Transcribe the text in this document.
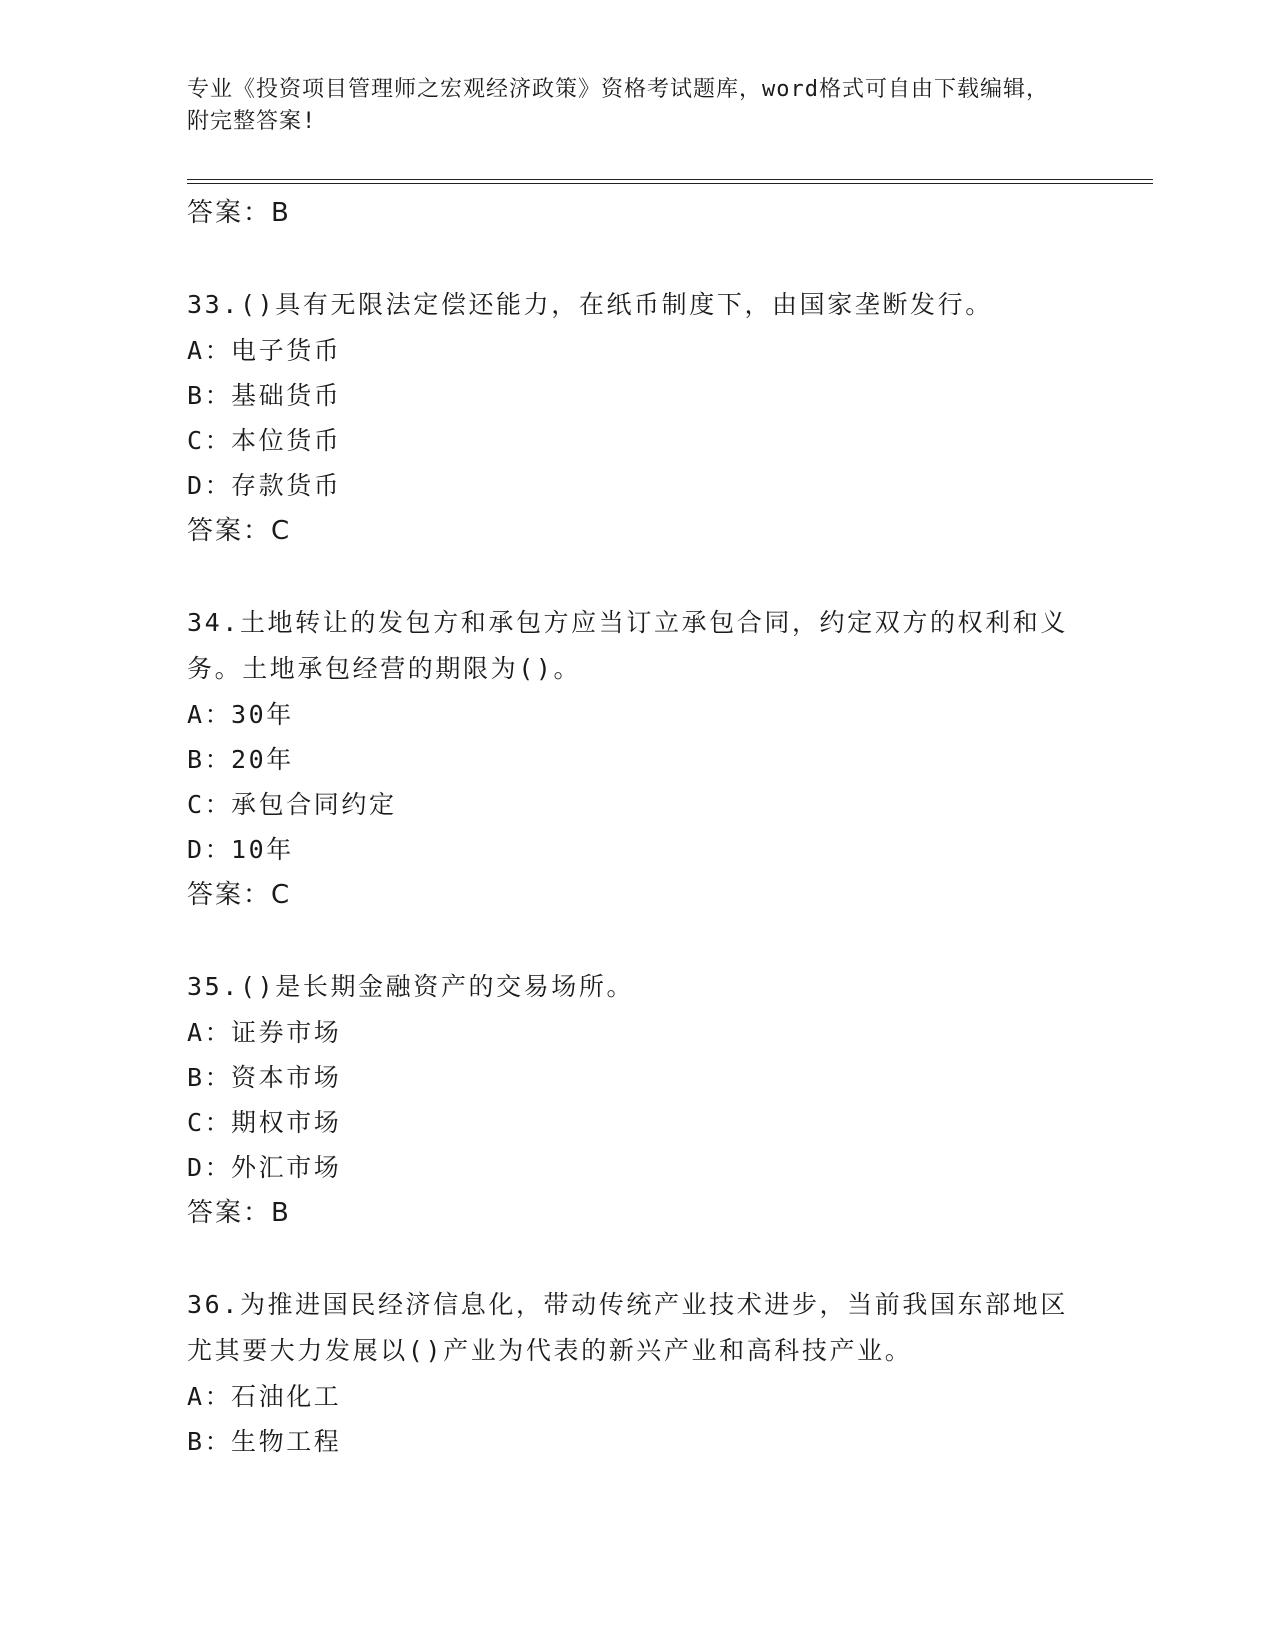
专业《投资项目管理师之宏观经济政策》资格考试题库，word格式可自由下载编辑，附完整答案!
答案：B
33.()具有无限法定偿还能力，在纸币制度下，由国家垄断发行。
A：电子货币
B：基础货币
C：本位货币
D：存款货币
答案：C
34.土地转让的发包方和承包方应当订立承包合同，约定双方的权利和义务。土地承包经营的期限为()。
A：30年
B：20年
C：承包合同约定
D：10年
答案：C
35.()是长期金融资产的交易场所。
A：证券市场
B：资本市场
C：期权市场
D：外汇市场
答案：B
36.为推进国民经济信息化，带动传统产业技术进步，当前我国东部地区尤其要大力发展以()产业为代表的新兴产业和高科技产业。
A：石油化工
B：生物工程
